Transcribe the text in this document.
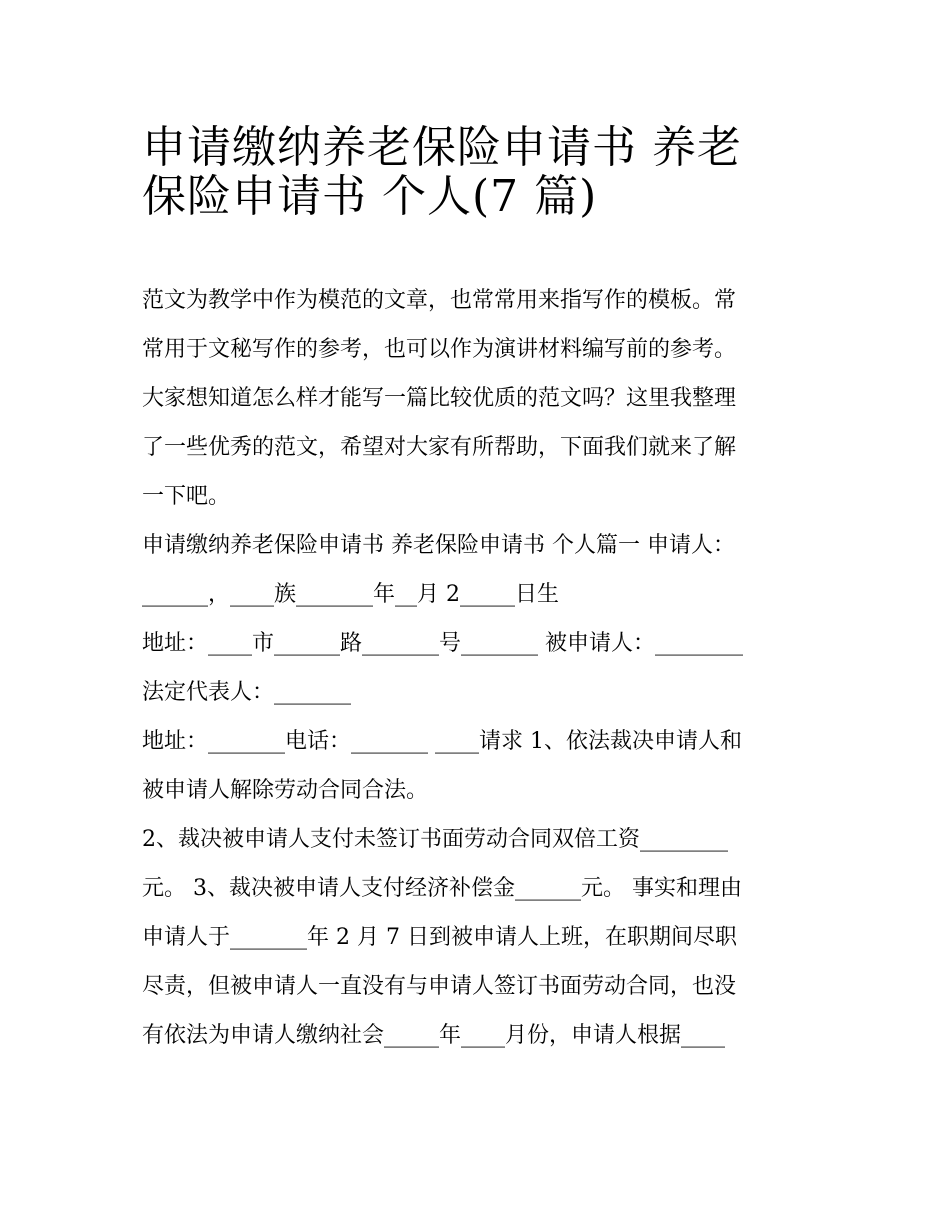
申请缴纳养老保险申请书 养老
保险申请书 个人(7 篇)
范文为教学中作为模范的文章，也常常用来指写作的模板。常
常用于文秘写作的参考，也可以作为演讲材料编写前的参考。
大家想知道怎么样才能写一篇比较优质的范文吗？这里我整理
了一些优秀的范文，希望对大家有所帮助，下面我们就来了解
一下吧。
申请缴纳养老保险申请书 养老保险申请书 个人篇一 申请人：
______，____族_______年__月 2_____日生
地址：____市______路_______号_______ 被申请人：________
法定代表人：_______
地址：_______电话：_______ ____请求 1、依法裁决申请人和
被申请人解除劳动合同合法。
2、裁决被申请人支付未签订书面劳动合同双倍工资________
元。 3、裁决被申请人支付经济补偿金______元。 事实和理由
申请人于_______年 2 月 7 日到被申请人上班，在职期间尽职
尽责，但被申请人一直没有与申请人签订书面劳动合同，也没
有依法为申请人缴纳社会_____年____月份，申请人根据____
